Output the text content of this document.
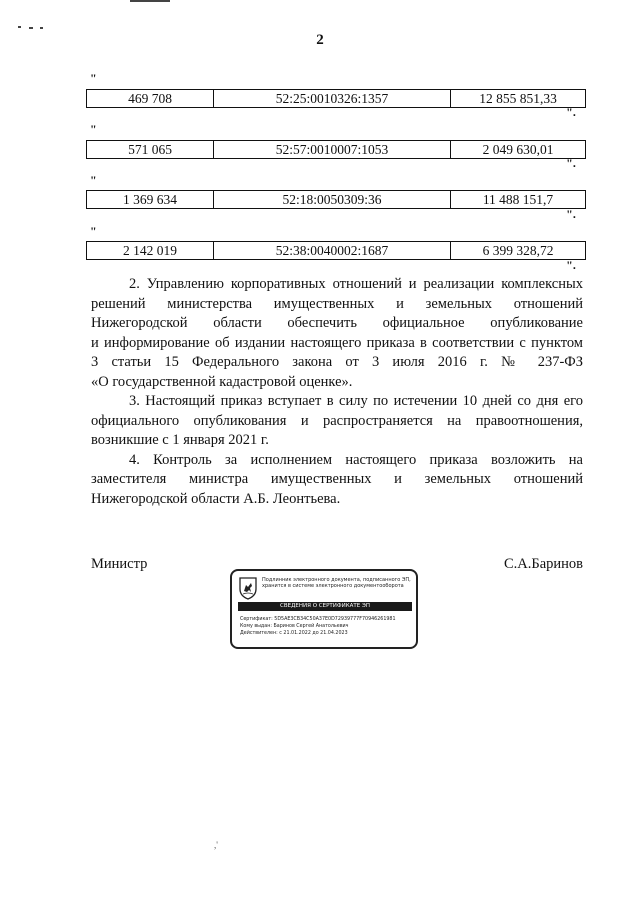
2
"
469 708	52:25:0010326:1357	12 855 851,33
".
"
571 065	52:57:0010007:1053	2 049 630,01
".
"
1 369 634	52:18:0050309:36	11 488 151,7
".
"
2 142 019	52:38:0040002:1687	6 399 328,72
".
2. Управлению корпоративных отношений и реализации комплексных
решений министерства имущественных и земельных отношений
Нижегородской области обеспечить официальное опубликование
и информирование об издании настоящего приказа в соответствии с пунктом
3 статьи 15 Федерального закона от 3 июля 2016 г. № 237-ФЗ
«О государственной кадастровой оценке».
3. Настоящий приказ вступает в силу по истечении 10 дней со дня его
официального опубликования и распространяется на правоотношения,
возникшие с 1 января 2021 г.
4. Контроль за исполнением настоящего приказа возложить на
заместителя министра имущественных и земельных отношений
Нижегородской области А.Б. Леонтьева.
Министр	С.А.Баринов
Подлинник электронного документа, подписанного ЭП, хранится в системе электронного документооборота
СВЕДЕНИЯ О СЕРТИФИКАТЕ ЭП
Сертификат: 5D5AE3CB34C50A37E0D72939777F70946261981
Кому выдан: Баринов Сергей Анатольевич
Действителен: с 21.01.2022 до 21.04.2023
,'
